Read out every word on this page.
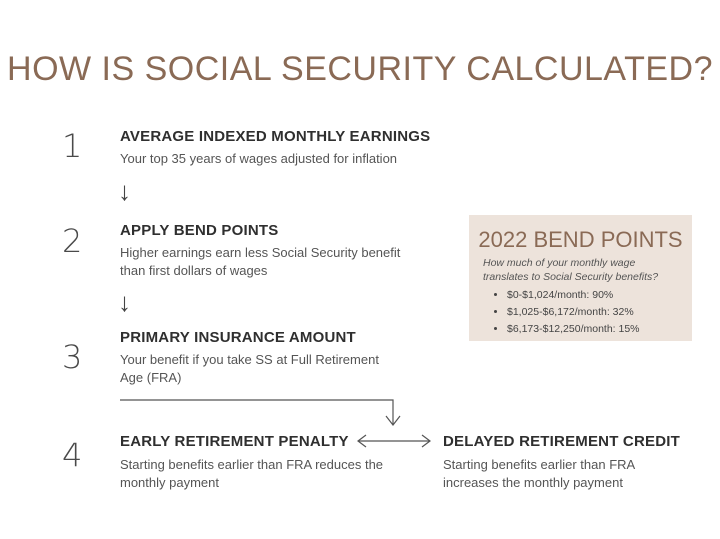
HOW IS SOCIAL SECURITY CALCULATED?
1	AVERAGE INDEXED MONTHLY EARNINGS
Your top 35 years of wages adjusted for inflation
↓
2	APPLY BEND POINTS
Higher earnings earn less Social Security benefit
than first dollars of wages
↓
3
PRIMARY INSURANCE AMOUNT
Your benefit if you take SS at Full Retirement
Age (FRA)
4	EARLY RETIREMENT PENALTY
Starting benefits earlier than FRA reduces the
monthly payment
DELAYED RETIREMENT CREDIT
Starting benefits earlier than FRA
increases the monthly payment
2022 BEND POINTS
How much of your monthly wage
translates to Social Security benefits?
• $0-$1,024/month: 90%
• $1,025-$6,172/month: 32%
• $6,173-$12,250/month: 15%
